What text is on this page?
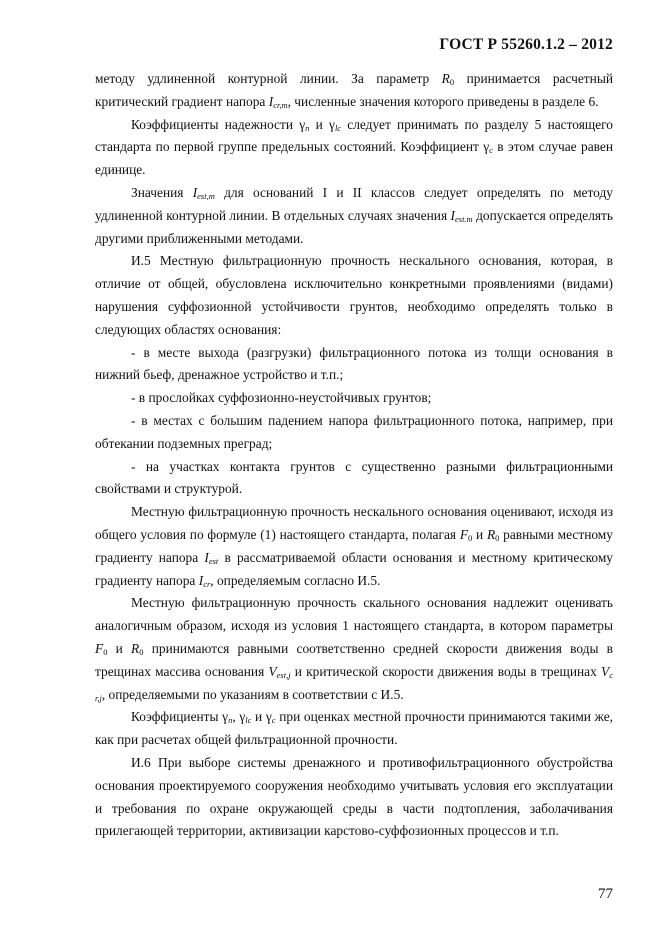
ГОСТ Р 55260.1.2 – 2012

методу удлиненной контурной линии. За параметр $R_0$ принимается расчетный критический градиент напора $I_{cr,m}$, численные значения которого приведены в разделе 6.

Коэффициенты надежности $\gamma_n$ и $\gamma_{lc}$ следует принимать по разделу 5 настоящего стандарта по первой группе предельных состояний. Коэффициент $\gamma_c$ в этом случае равен единице.

Значения $I_{est,m}$ для оснований I и II классов следует определять по методу удлиненной контурной линии. В отдельных случаях значения $I_{est.m}$ допускается определять другими приближенными методами.

И.5 Местную фильтрационную прочность нескального основания, которая, в отличие от общей, обусловлена исключительно конкретными проявлениями (видами) нарушения суффозионной устойчивости грунтов, необходимо определять только в следующих областях основания:

- в месте выхода (разгрузки) фильтрационного потока из толщи основания в нижний бьеф, дренажное устройство и т.п.;

- в прослойках суффозионно-неустойчивых грунтов;

- в местах с большим падением напора фильтрационного потока, например, при обтекании подземных преград;

- на участках контакта грунтов с существенно разными фильтрационными свойствами и структурой.

Местную фильтрационную прочность нескального основания оценивают, исходя из общего условия по формуле (1) настоящего стандарта, полагая $F_0$ и $R_0$ равными местному градиенту напора $I_{est}$ в рассматриваемой области основания и местному критическому градиенту напора $I_{cr}$, определяемым согласно И.5.

Местную фильтрационную прочность скального основания надлежит оценивать аналогичным образом, исходя из условия 1 настоящего стандарта, в котором параметры $F_0$ и $R_0$ принимаются равными соответственно средней скорости движения воды в трещинах массива основания $V_{est,j}$ и критической скорости движения воды в трещинах $V_{c r,j}$, определяемыми по указаниям в соответствии с И.5.

Коэффициенты $\gamma_n$, $\gamma_{lc}$ и $\gamma_c$ при оценках местной прочности принимаются такими же, как при расчетах общей фильтрационной прочности.

И.6 При выборе системы дренажного и противофильтрационного обустройства основания проектируемого сооружения необходимо учитывать условия его эксплуатации и требования по охране окружающей среды в части подтопления, заболачивания прилегающей территории, активизации карстово-суффозионных процессов и т.п.

77
